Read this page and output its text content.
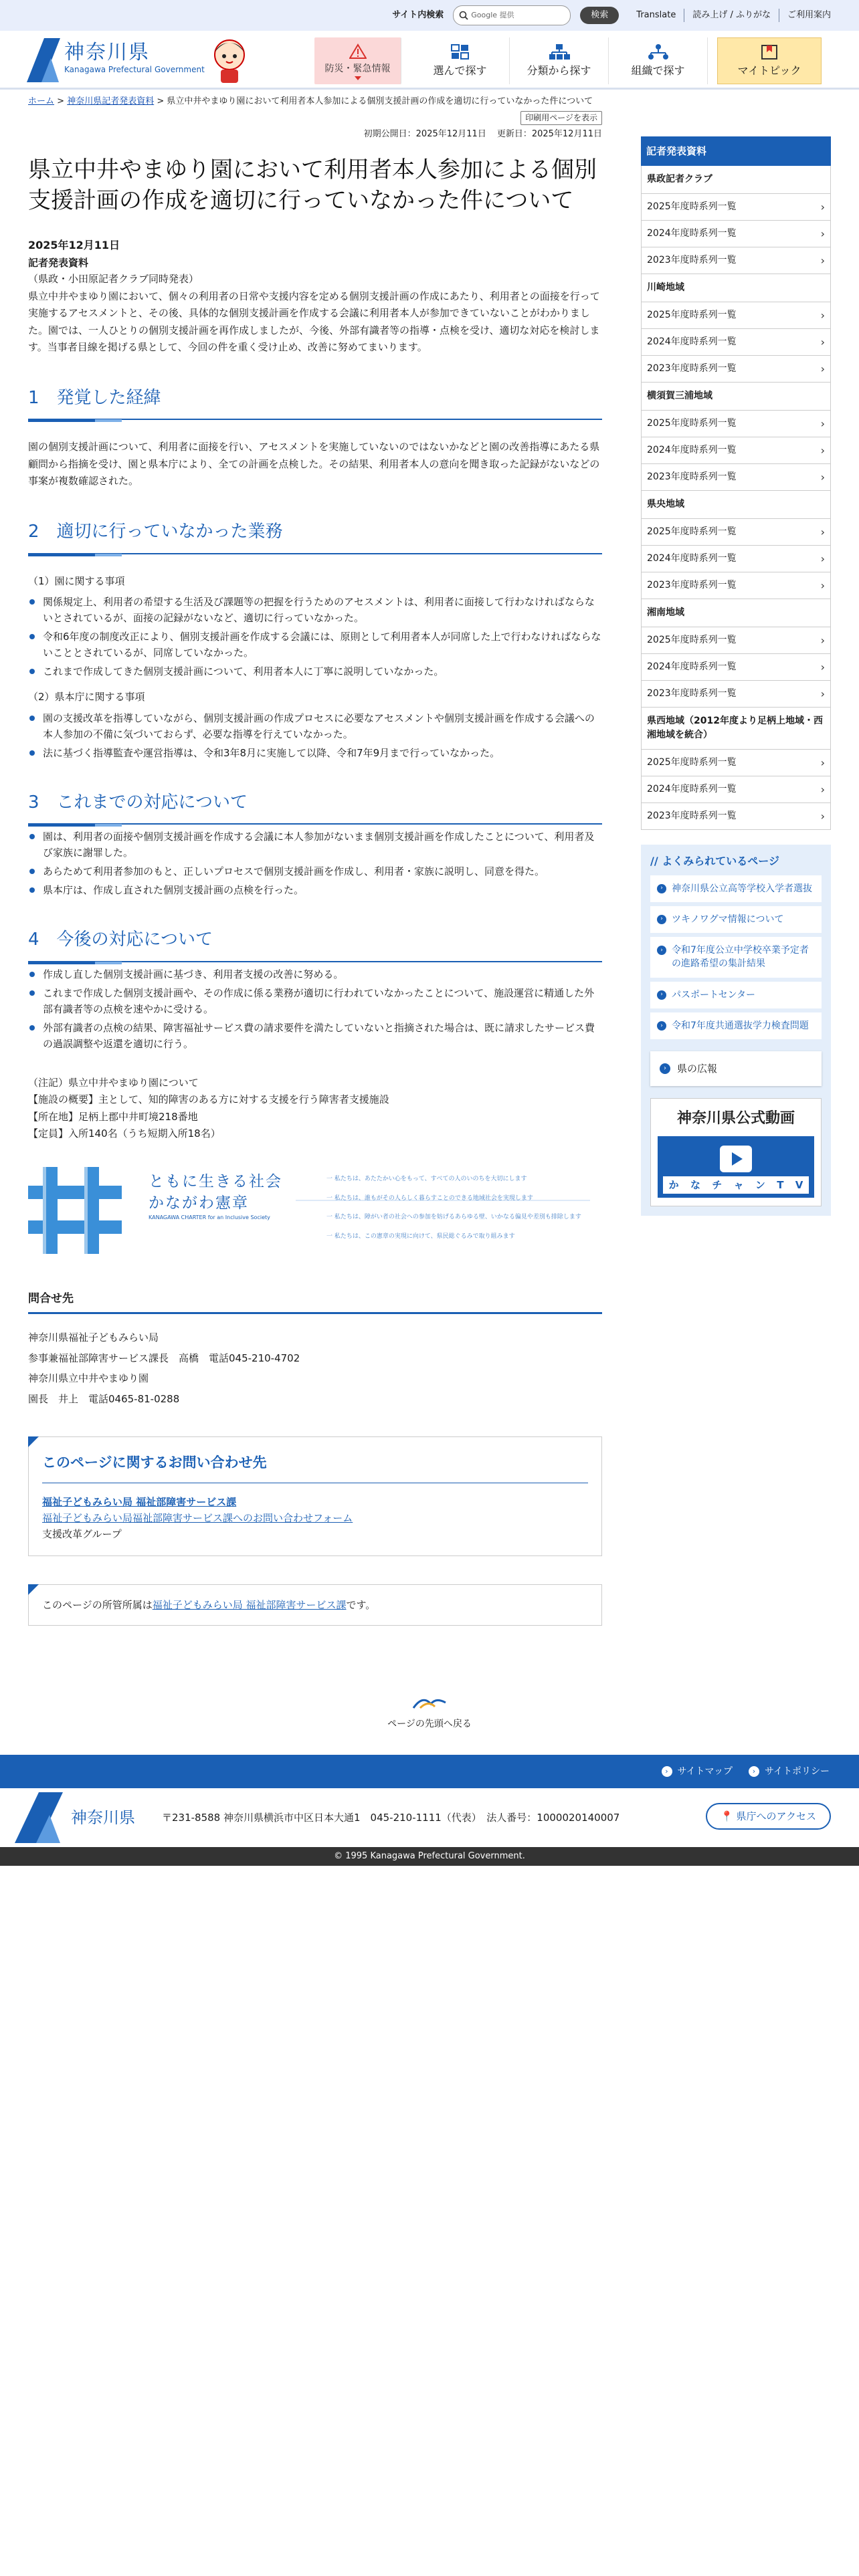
サイト内検索	Google 提供	検索	Translate	読み上げ / ふりがな	ご利用案内
神奈川県
Kanagawa Prefectural Government	防災・緊急情報	選んで探す	分類から探す	組織で探す	マイトピック
ホーム > 神奈川県記者発表資料 > 県立中井やまゆり園において利用者本人参加による個別支援計画の作成を適切に行っていなかった件について
印刷用ページを表示
初期公開日：2025年12月11日 更新日：2025年12月11日
県立中井やまゆり園において利用者本人参加による個別支援計画の作成を適切に行っていなかった件について
2025年12月11日
記者発表資料
（県政・小田原記者クラブ同時発表）
県立中井やまゆり園において、個々の利用者の日常や支援内容を定める個別支援計画の作成にあたり、利用者との面接を行って実施するアセスメントと、その後、具体的な個別支援計画を作成する会議に利用者本人が参加できていないことがわかりました。園では、一人ひとりの個別支援計画を再作成しましたが、今後、外部有識者等の指導・点検を受け、適切な対応を検討します。当事者目線を掲げる県として、今回の件を重く受け止め、改善に努めてまいります。
1　発覚した経緯
園の個別支援計画について、利用者に面接を行い、アセスメントを実施していないのではないかなどと園の改善指導にあたる県顧問から指摘を受け、園と県本庁により、全ての計画を点検した。その結果、利用者本人の意向を聞き取った記録がないなどの事案が複数確認された。
2　適切に行っていなかった業務
（1）園に関する事項
関係規定上、利用者の希望する生活及び課題等の把握を行うためのアセスメントは、利用者に面接して行わなければならないとされているが、面接の記録がないなど、適切に行っていなかった。
令和6年度の制度改正により、個別支援計画を作成する会議には、原則として利用者本人が同席した上で行わなければならないこととされているが、同席していなかった。
これまで作成してきた個別支援計画について、利用者本人に丁寧に説明していなかった。
（2）県本庁に関する事項
園の支援改革を指導していながら、個別支援計画の作成プロセスに必要なアセスメントや個別支援計画を作成する会議への本人参加の不備に気づいておらず、必要な指導を行えていなかった。
法に基づく指導監査や運営指導は、令和3年8月に実施して以降、令和7年9月まで行っていなかった。
3　これまでの対応について
園は、利用者の面接や個別支援計画を作成する会議に本人参加がないまま個別支援計画を作成したことについて、利用者及び家族に謝罪した。
あらためて利用者参加のもと、正しいプロセスで個別支援計画を作成し、利用者・家族に説明し、同意を得た。
県本庁は、作成し直された個別支援計画の点検を行った。
4　今後の対応について
作成し直した個別支援計画に基づき、利用者支援の改善に努める。
これまで作成した個別支援計画や、その作成に係る業務が適切に行われていなかったことについて、施設運営に精通した外部有識者等の点検を速やかに受ける。
外部有識者の点検の結果、障害福祉サービス費の請求要件を満たしていないと指摘された場合は、既に請求したサービス費の過誤調整や返還を適切に行う。
（注記）県立中井やまゆり園について
【施設の概要】主として、知的障害のある方に対する支援を行う障害者支援施設
【所在地】足柄上郡中井町境218番地
【定員】入所140名（うち短期入所18名）
ともに生きる社会
かながわ憲章
KANAGAWA CHARTER for an Inclusive Society
一 私たちは、あたたかい心をもって、すべての人のいのちを大切にします
一 私たちは、誰もがその人らしく暮らすことのできる地域社会を実現します
一 私たちは、障がい者の社会への参加を妨げるあらゆる壁、いかなる偏見や差別も排除します
一 私たちは、この憲章の実現に向けて、県民総ぐるみで取り組みます
問合せ先
神奈川県福祉子どもみらい局
参事兼福祉部障害サービス課長　高橋　電話045-210-4702
神奈川県立中井やまゆり園
園長　井上　電話0465-81-0288
このページに関するお問い合わせ先
福祉子どもみらい局 福祉部障害サービス課
福祉子どもみらい局福祉部障害サービス課へのお問い合わせフォーム
支援改革グループ
このページの所管所属は福祉子どもみらい局 福祉部障害サービス課です。
記者発表資料
県政記者クラブ
2025年度時系列一覧	›
2024年度時系列一覧	›
2023年度時系列一覧	›
川崎地域
2025年度時系列一覧	›
2024年度時系列一覧	›
2023年度時系列一覧	›
横須賀三浦地域
2025年度時系列一覧	›
2024年度時系列一覧	›
2023年度時系列一覧	›
県央地域
2025年度時系列一覧	›
2024年度時系列一覧	›
2023年度時系列一覧	›
湘南地域
2025年度時系列一覧	›
2024年度時系列一覧	›
2023年度時系列一覧	›
県西地域（2012年度より足柄上地域・西湘地域を統合）
2025年度時系列一覧	›
2024年度時系列一覧	›
2023年度時系列一覧	›
// よくみられているページ
› 神奈川県公立高等学校入学者選抜
› ツキノワグマ情報について
› 令和7年度公立中学校卒業予定者の進路希望の集計結果
› パスポートセンター
› 令和7年度共通選抜学力検査問題
›	県の広報
神奈川県公式動画
か な チ ャ ン T V
ページの先頭へ戻る
› サイトマップ	› サイトポリシー
神奈川県	〒231-8588 神奈川県横浜市中区日本大通1　045-210-1111（代表）　法人番号：1000020140007	📍 県庁へのアクセス
© 1995 Kanagawa Prefectural Government.
